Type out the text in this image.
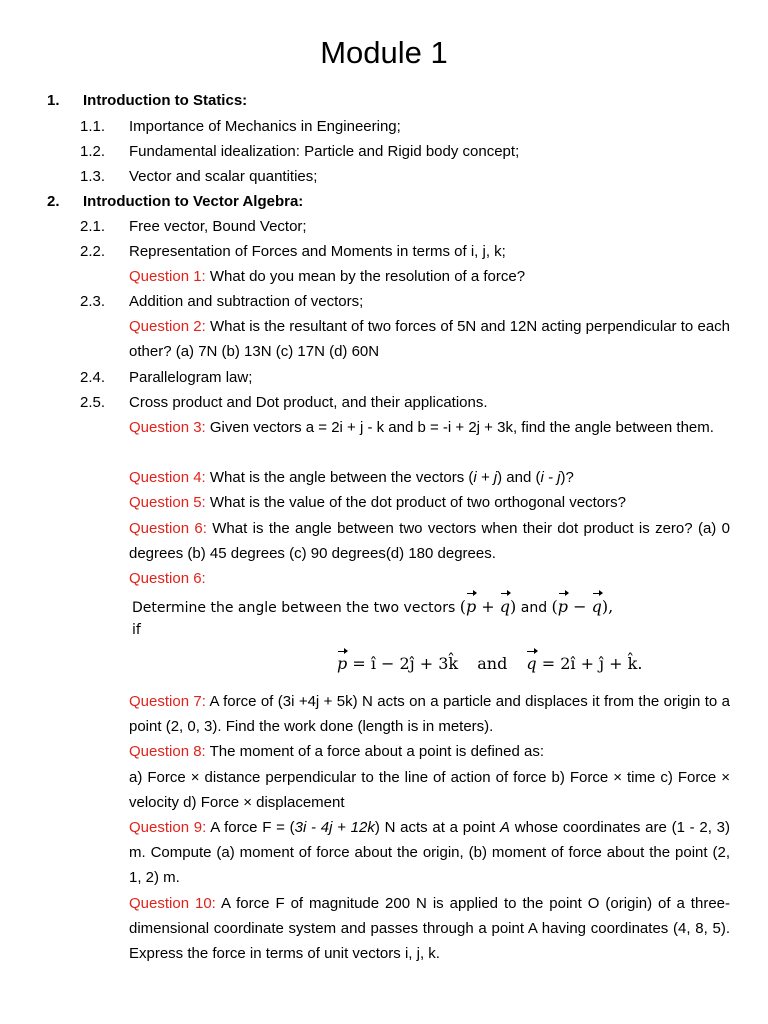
Module 1
1. Introduction to Statics:
1.1. Importance of Mechanics in Engineering;
1.2. Fundamental idealization: Particle and Rigid body concept;
1.3. Vector and scalar quantities;
2. Introduction to Vector Algebra:
2.1. Free vector, Bound Vector;
2.2. Representation of Forces and Moments in terms of i, j, k;
Question 1: What do you mean by the resolution of a force?
2.3. Addition and subtraction of vectors;
Question 2: What is the resultant of two forces of 5N and 12N acting perpendicular to each other? (a) 7N (b) 13N (c) 17N (d) 60N
2.4. Parallelogram law;
2.5. Cross product and Dot product, and their applications.
Question 3: Given vectors a = 2i + j - k and b = -i + 2j + 3k, find the angle between them.
Question 4: What is the angle between the vectors (i + j) and (i - j)?
Question 5: What is the value of the dot product of two orthogonal vectors?
Question 6: What is the angle between two vectors when their dot product is zero? (a) 0 degrees (b) 45 degrees (c) 90 degrees(d) 180 degrees.
Question 6:
Determine the angle between the two vectors (p + q) and (p − q),
if
p = î − 2ĵ + 3k̂ and q = 2î + ĵ + k̂.
Question 7: A force of (3i +4j + 5k) N acts on a particle and displaces it from the origin to a point (2, 0, 3). Find the work done (length is in meters).
Question 8: The moment of a force about a point is defined as:
a) Force × distance perpendicular to the line of action of force b) Force × time c) Force × velocity d) Force × displacement
Question 9: A force F = (3i - 4j + 12k) N acts at a point A whose coordinates are (1 - 2, 3) m. Compute (a) moment of force about the origin, (b) moment of force about the point (2, 1, 2) m.
Question 10: A force F of magnitude 200 N is applied to the point O (origin) of a three-dimensional coordinate system and passes through a point A having coordinates (4, 8, 5). Express the force in terms of unit vectors i, j, k.
